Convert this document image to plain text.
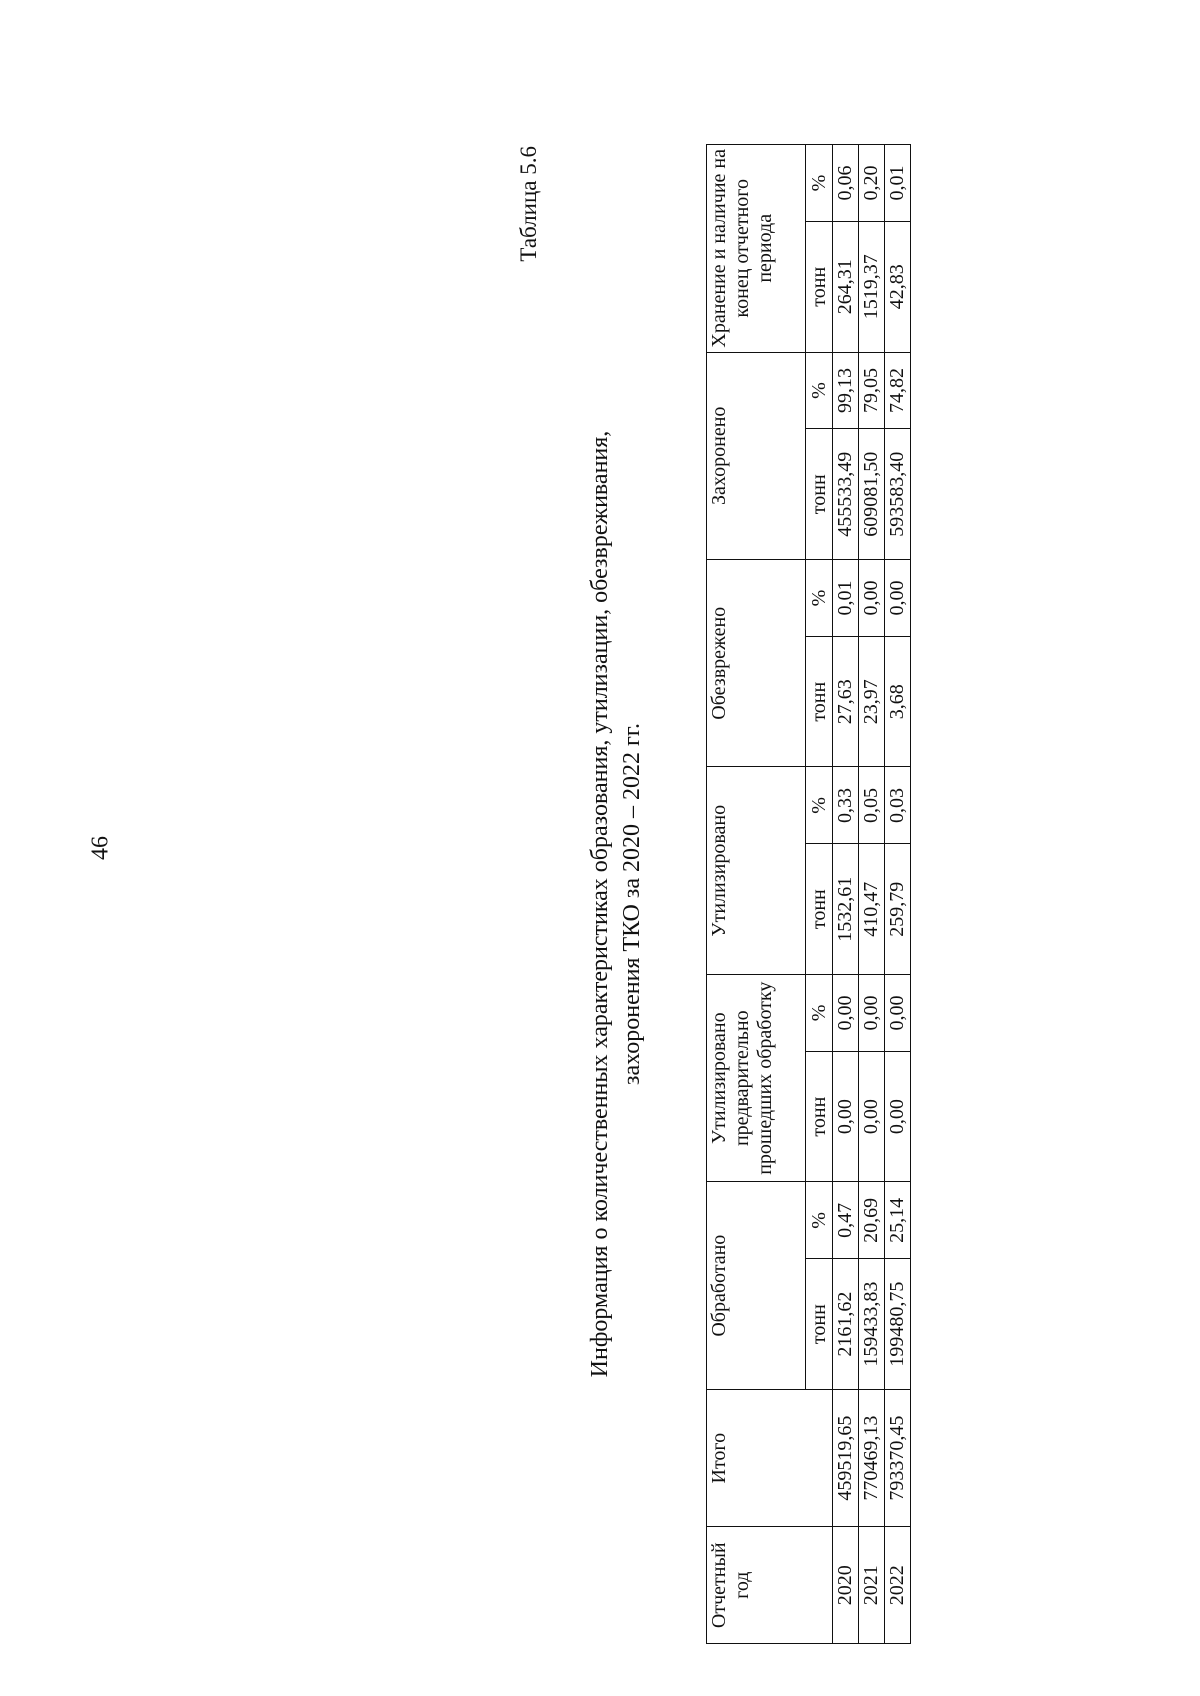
46
Таблица 5.6
Информация о количественных характеристиках образования, утилизации, обезвреживания, захоронения ТКО за 2020 – 2022 гг.
Отчетный год	Итого	Обработано		Утилизировано предварительно прошедших обработку		Утилизировано		Обезврежено		Захоронено		Хранение и наличие на конец отчетного периода	
		тонн	%	тонн	%	тонн	%	тонн	%	тонн	%	тонн	%
2020	459519,65	2161,62	0,47	0,00	0,00	1532,61	0,33	27,63	0,01	455533,49	99,13	264,31	0,06
2021	770469,13	159433,83	20,69	0,00	0,00	410,47	0,05	23,97	0,00	609081,50	79,05	1519,37	0,20
2022	793370,45	199480,75	25,14	0,00	0,00	259,79	0,03	3,68	0,00	593583,40	74,82	42,83	0,01
